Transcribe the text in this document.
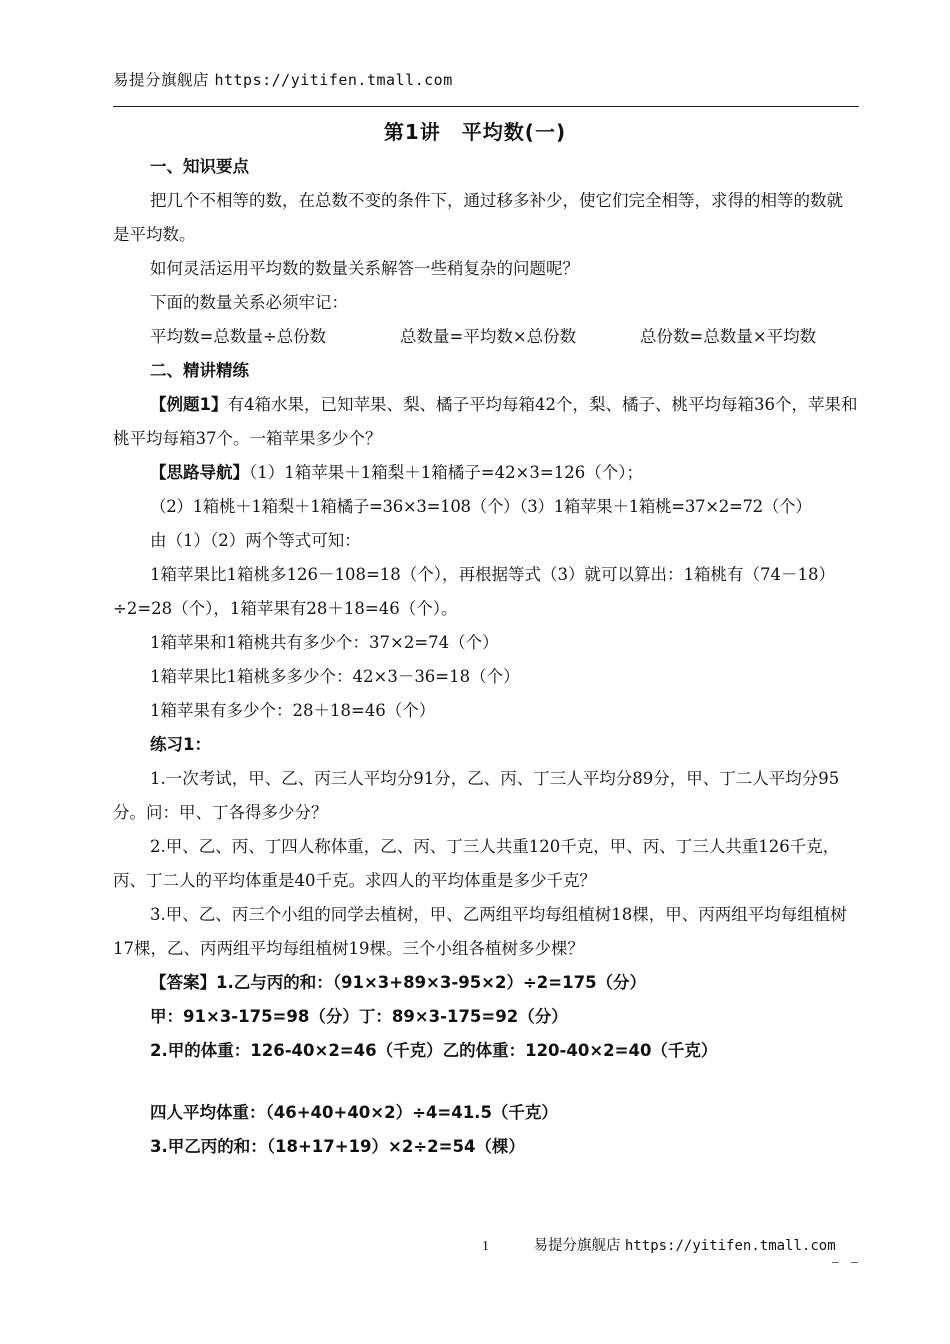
易提分旗舰店 https://yitifen.tmall.com
第1讲　平均数(一)

一、知识要点

把几个不相等的数，在总数不变的条件下，通过移多补少，使它们完全相等，求得的相等的数就是平均数。

如何灵活运用平均数的数量关系解答一些稍复杂的问题呢？

下面的数量关系必须牢记：

平均数=总数量÷总份数	总数量=平均数×总份数	总份数=总数量×平均数

二、精讲精练

【例题1】有4箱水果，已知苹果、梨、橘子平均每箱42个，梨、橘子、桃平均每箱36个，苹果和桃平均每箱37个。一箱苹果多少个？

【思路导航】（1）1箱苹果＋1箱梨＋1箱橘子=42×3=126（个）；

（2）1箱桃＋1箱梨＋1箱橘子=36×3=108（个）（3）1箱苹果＋1箱桃=37×2=72（个）

由（1）（2）两个等式可知：

1箱苹果比1箱桃多126－108=18（个），再根据等式（3）就可以算出：1箱桃有（74－18）÷2=28（个），1箱苹果有28＋18=46（个）。

1箱苹果和1箱桃共有多少个：37×2=74（个）

1箱苹果比1箱桃多多少个：42×3－36=18（个）

1箱苹果有多少个：28＋18=46（个）

练习1：

1.一次考试，甲、乙、丙三人平均分91分，乙、丙、丁三人平均分89分，甲、丁二人平均分95分。问：甲、丁各得多少分？

2.甲、乙、丙、丁四人称体重，乙、丙、丁三人共重120千克，甲、丙、丁三人共重126千克，丙、丁二人的平均体重是40千克。求四人的平均体重是多少千克？

3.甲、乙、丙三个小组的同学去植树，甲、乙两组平均每组植树18棵，甲、丙两组平均每组植树17棵，乙、丙两组平均每组植树19棵。三个小组各植树多少棵？

【答案】1.乙与丙的和：（91×3+89×3-95×2）÷2=175（分）

甲：91×3-175=98（分）丁：89×3-175=92（分）

2.甲的体重：126-40×2=46（千克）乙的体重：120-40×2=40（千克）

四人平均体重：（46+40+40×2）÷4=41.5（千克）

3.甲乙丙的和：（18+17+19）×2÷2=54（棵）

1	易提分旗舰店 https://yitifen.tmall.com
